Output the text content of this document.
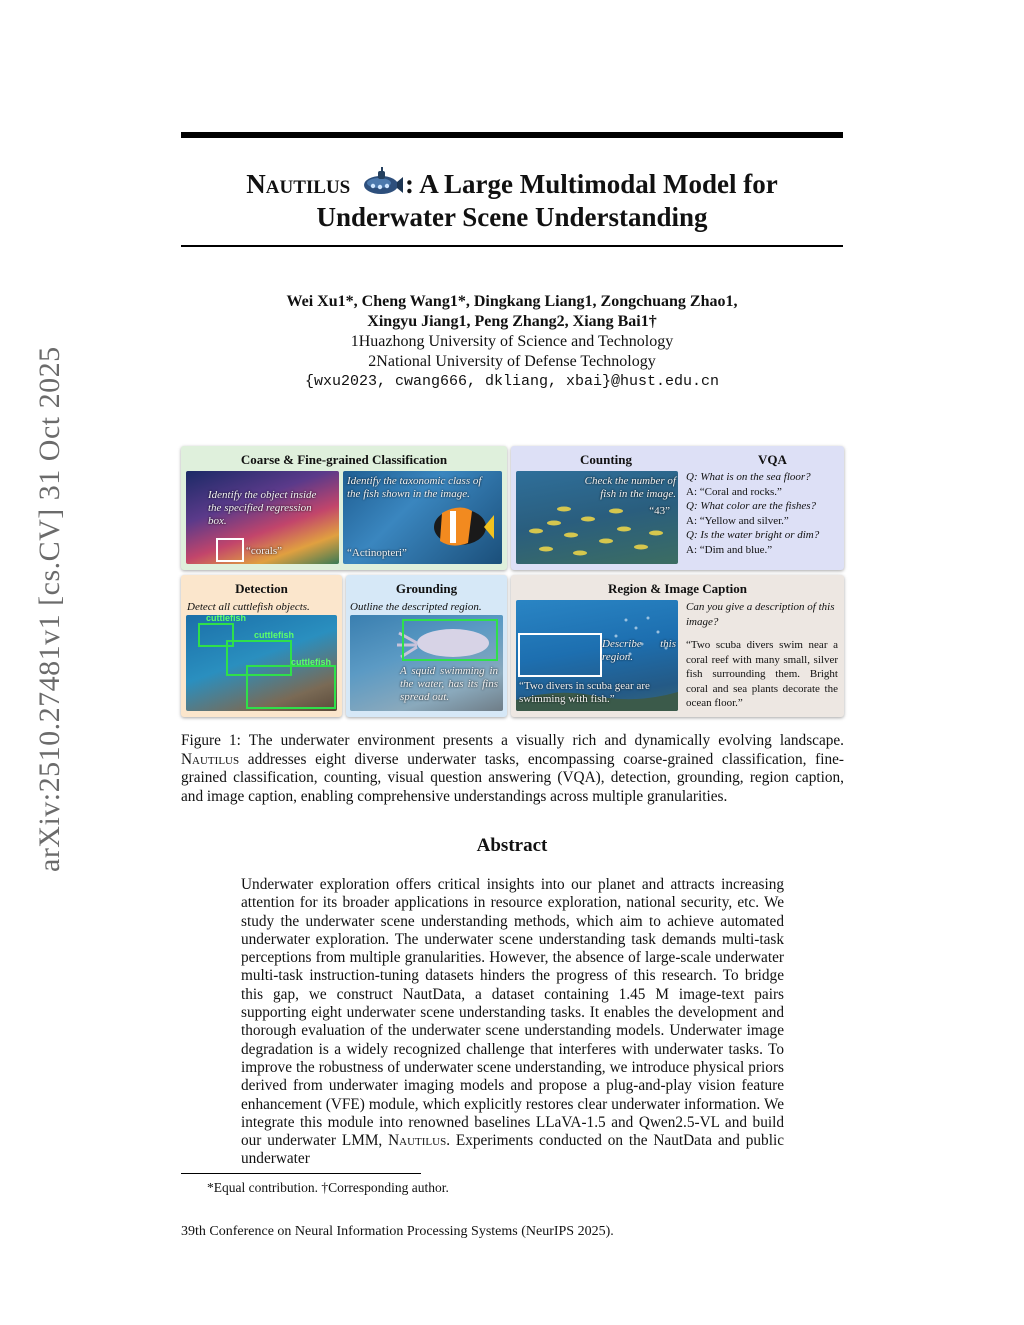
arXiv:2510.27481v1 [cs.CV] 31 Oct 2025
Nautilus : A Large Multimodal Model for
Underwater Scene Understanding
Wei Xu1*, Cheng Wang1*, Dingkang Liang1, Zongchuang Zhao1,
Xingyu Jiang1, Peng Zhang2, Xiang Bai1†
1Huazhong University of Science and Technology
2National University of Defense Technology
{wxu2023, cwang666, dkliang, xbai}@hust.edu.cn
Coarse & Fine-grained Classification
Identify the object inside the specified regression box.
“corals”
Identify the taxonomic class of the fish shown in the image.
“Actinopteri”
Counting	VQA
Check the number of fish in the image.
“43”
Q: What is on the sea floor?
A: “Coral and rocks.”
Q: What color are the fishes?
A: “Yellow and silver.”
Q: Is the water bright or dim?
A: “Dim and blue.”
Detection
Detect all cuttlefish objects.
cuttlefish
cuttlefish
cuttlefish
Grounding
Outline the descripted region.
A squid swimming in the water, has its fins spread out.
Region & Image Caption
Describe this region.
“Two divers in scuba gear are swimming with fish.”
Can you give a description of this image?
“Two scuba divers swim near a coral reef with many small, silver fish surrounding them. Bright coral and sea plants decorate the ocean floor.”
Figure 1: The underwater environment presents a visually rich and dynamically evolving landscape. Nautilus addresses eight diverse underwater tasks, encompassing coarse-grained classification, fine-grained classification, counting, visual question answering (VQA), detection, grounding, region caption, and image caption, enabling comprehensive understandings across multiple granularities.
Abstract
Underwater exploration offers critical insights into our planet and attracts increasing attention for its broader applications in resource exploration, national security, etc. We study the underwater scene understanding methods, which aim to achieve automated underwater exploration. The underwater scene understanding task demands multi-task perceptions from multiple granularities. However, the absence of large-scale underwater multi-task instruction-tuning datasets hinders the progress of this research. To bridge this gap, we construct NautData, a dataset containing 1.45 M image-text pairs supporting eight underwater scene understanding tasks. It enables the development and thorough evaluation of the underwater scene understanding models. Underwater image degradation is a widely recognized challenge that interferes with underwater tasks. To improve the robustness of underwater scene understanding, we introduce physical priors derived from underwater imaging models and propose a plug-and-play vision feature enhancement (VFE) module, which explicitly restores clear underwater information. We integrate this module into renowned baselines LLaVA-1.5 and Qwen2.5-VL and build our underwater LMM, Nautilus. Experiments conducted on the NautData and public underwater
*Equal contribution. †Corresponding author.
39th Conference on Neural Information Processing Systems (NeurIPS 2025).
